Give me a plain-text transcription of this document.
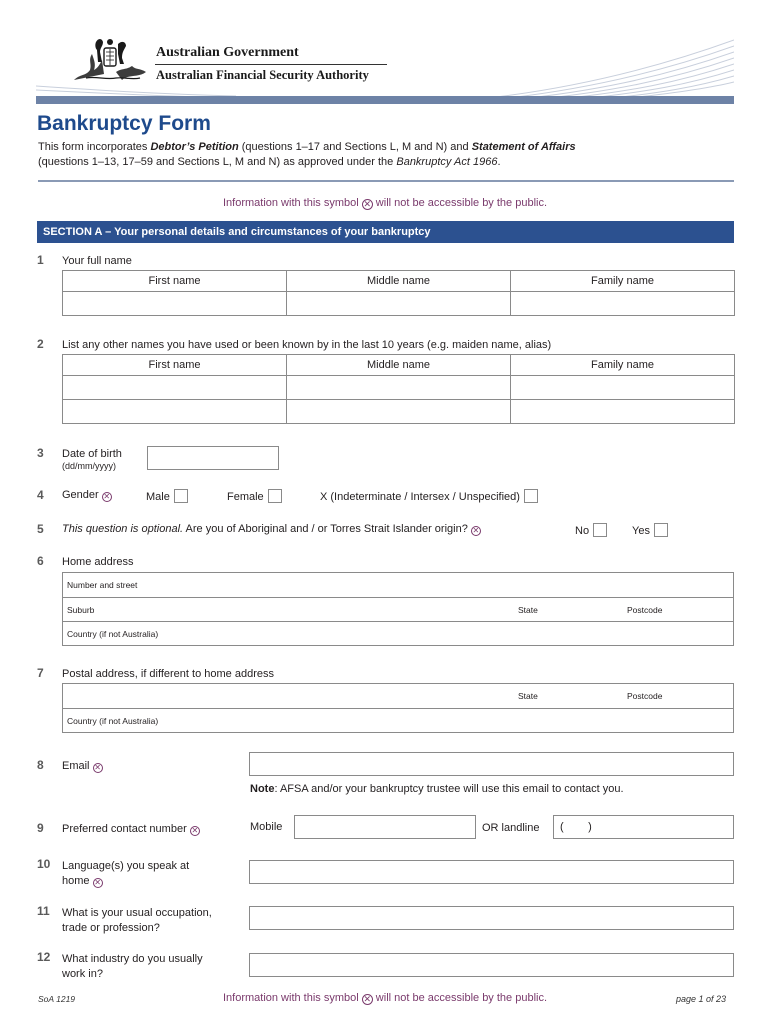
Australian Government
Australian Financial Security Authority
Bankruptcy Form
This form incorporates Debtor’s Petition (questions 1–17 and Sections L, M and N) and Statement of Affairs
(questions 1–13, 17–59 and Sections L, M and N) as approved under the Bankruptcy Act 1966.
Information with this symbol ✕ will not be accessible by the public.
SECTION A – Your personal details and circumstances of your bankruptcy
1 Your full name
First name	Middle name	Family name

2 List any other names you have used or been known by in the last 10 years (e.g. maiden name, alias)
First name	Middle name	Family name

3 Date of birth
(dd/mm/yyyy)
4 Gender ✕	Male	Female	X (Indeterminate / Intersex / Unspecified)
5 This question is optional. Are you of Aboriginal and / or Torres Strait Islander origin? ✕	No	Yes
6 Home address
Number and street
Suburb	State	Postcode
Country (if not Australia)
7 Postal address, if different to home address
State	Postcode
Country (if not Australia)
8 Email ✕
Note: AFSA and/or your bankruptcy trustee will use this email to contact you.
9 Preferred contact number ✕	Mobile	OR landline (        )
10 Language(s) you speak at
home ✕
11 What is your usual occupation,
trade or profession?
12 What industry do you usually
work in?
SoA 1219	Information with this symbol ✕ will not be accessible by the public.	page 1 of 23
